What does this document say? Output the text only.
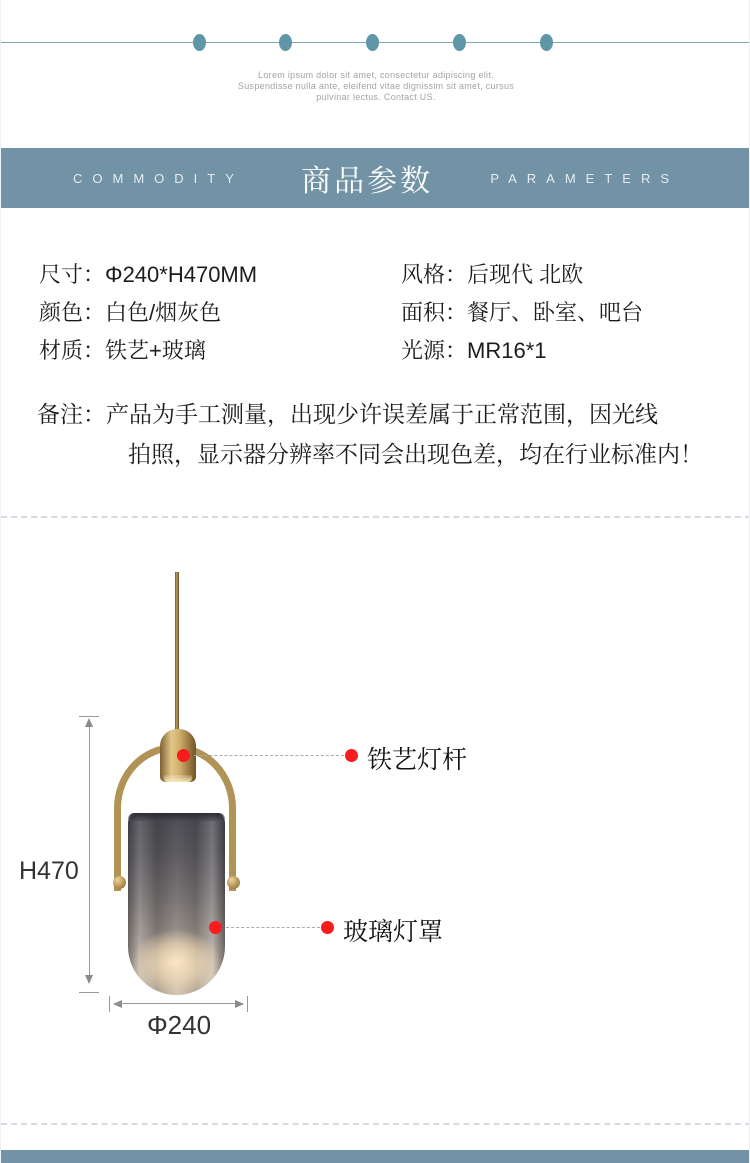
Lorem ipsum dolor sit amet, consectetur adipiscing elit.
Suspendisse nulla ante, eleifend vitae dignissim sit amet, cursus
pulvinar lectus. Contact US.
COMMODITY 商品参数	PARAMETERS
尺寸：Φ240*H470MM
颜色：白色/烟灰色
材质：铁艺+玻璃
风格：后现代 北欧
面积：餐厅、卧室、吧台
光源：MR16*1
备注： 产品为手工测量，出现少许误差属于正常范围，因光线
拍照，显示器分辨率不同会出现色差，均在行业标准内！
H470
Φ240
铁艺灯杆
玻璃灯罩
